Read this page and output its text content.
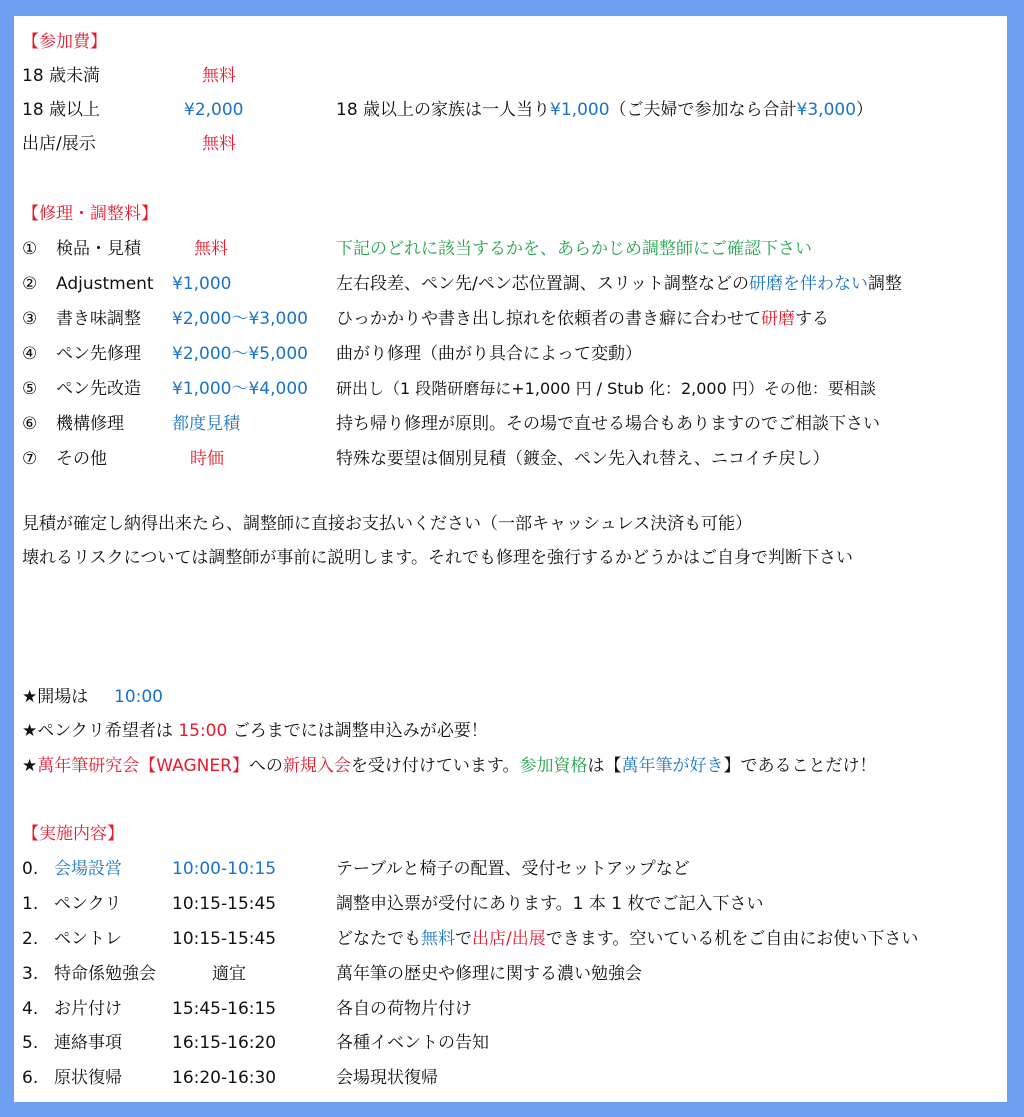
【参加費】
18 歳未満	無料
18 歳以上	¥2,000	18 歳以上の家族は一人当り¥1,000（ご夫婦で参加なら合計¥3,000）
出店/展示	無料
【修理・調整料】
① 検品・見積	無料	下記のどれに該当するかを、あらかじめ調整師にご確認下さい
② Adjustment ¥1,000	左右段差、ペン先/ペン芯位置調、スリット調整などの研磨を伴わない調整
③ 書き味調整 ¥2,000～¥3,000 ひっかかりや書き出し掠れを依頼者の書き癖に合わせて研磨する
④ ペン先修理 ¥2,000～¥5,000 曲がり修理（曲がり具合によって変動）
⑤ ペン先改造 ¥1,000～¥4,000 研出し（1 段階研磨毎に+1,000 円 / Stub 化：2,000 円）その他：要相談
⑥ 機構修理	都度見積	持ち帰り修理が原則。その場で直せる場合もありますのでご相談下さい
⑦ その他	時価	特殊な要望は個別見積（鍍金、ペン先入れ替え、ニコイチ戻し）
見積が確定し納得出来たら、調整師に直接お支払いください（一部キャッシュレス決済も可能）
壊れるリスクについては調整師が事前に説明します。それでも修理を強行するかどうかはご自身で判断下さい
★開場は 10:00
★ペンクリ希望者は 15:00 ごろまでには調整申込みが必要！
★萬年筆研究会【WAGNER】への新規入会を受け付けています。参加資格は【萬年筆が好き】であることだけ！
【実施内容】
0. 会場設営	10:00-10:15	テーブルと椅子の配置、受付セットアップなど
1. ペンクリ	10:15-15:45	調整申込票が受付にあります。1 本 1 枚でご記入下さい
2. ペントレ	10:15-15:45	どなたでも無料で出店/出展できます。空いている机をご自由にお使い下さい
3. 特命係勉強会	適宜	萬年筆の歴史や修理に関する濃い勉強会
4. お片付け	15:45-16:15	各自の荷物片付け
5. 連絡事項	16:15-16:20	各種イベントの告知
6. 原状復帰	16:20-16:30	会場現状復帰
